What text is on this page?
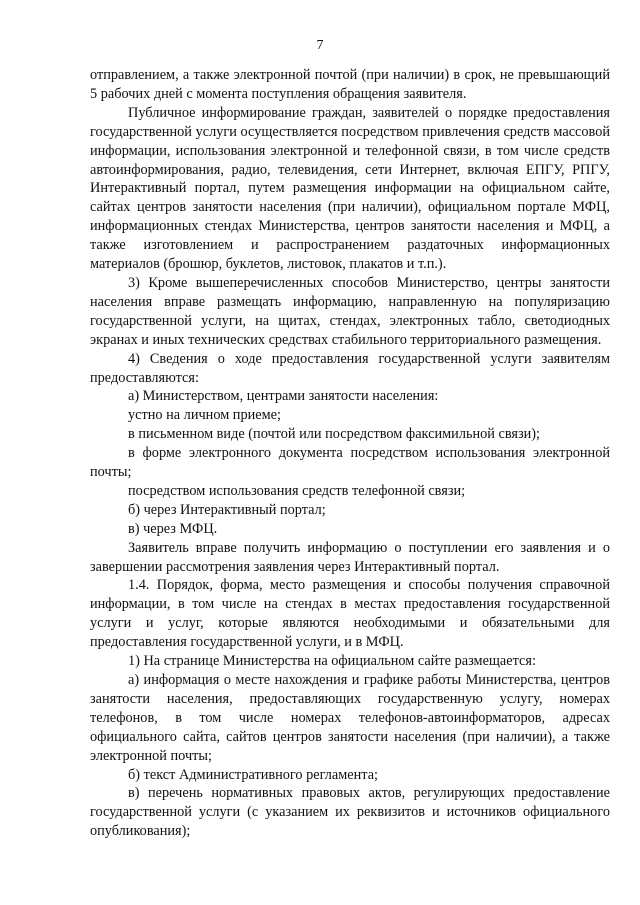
7

отправлением, а также электронной почтой (при наличии) в срок, не превышающий 5 рабочих дней с момента поступления обращения заявителя.

Публичное информирование граждан, заявителей о порядке предоставления государственной услуги осуществляется посредством привлечения средств массовой информации, использования электронной и телефонной связи, в том числе средств автоинформирования, радио, телевидения, сети Интернет, включая ЕПГУ, РПГУ, Интерактивный портал, путем размещения информации на официальном сайте, сайтах центров занятости населения (при наличии), официальном портале МФЦ, информационных стендах Министерства, центров занятости населения и МФЦ, а также изготовлением и распространением раздаточных информационных материалов (брошюр, буклетов, листовок, плакатов и т.п.).

3) Кроме вышеперечисленных способов Министерство, центры занятости населения вправе размещать информацию, направленную на популяризацию государственной услуги, на щитах, стендах, электронных табло, светодиодных экранах и иных технических средствах стабильного территориального размещения.

4) Сведения о ходе предоставления государственной услуги заявителям предоставляются:

а) Министерством, центрами занятости населения:

устно на личном приеме;

в письменном виде (почтой или посредством факсимильной связи);

в форме электронного документа посредством использования электронной почты;

посредством использования средств телефонной связи;

б) через Интерактивный портал;

в) через МФЦ.

Заявитель вправе получить информацию о поступлении его заявления и о завершении рассмотрения заявления через Интерактивный портал.

1.4. Порядок, форма, место размещения и способы получения справочной информации, в том числе на стендах в местах предоставления государственной услуги и услуг, которые являются необходимыми и обязательными для предоставления государственной услуги, и в МФЦ.

1) На странице Министерства на официальном сайте размещается:

а) информация о месте нахождения и графике работы Министерства, центров занятости населения, предоставляющих государственную услугу, номерах телефонов, в том числе номерах телефонов-автоинформаторов, адресах официального сайта, сайтов центров занятости населения (при наличии), а также электронной почты;

б) текст Административного регламента;

в) перечень нормативных правовых актов, регулирующих предоставление государственной услуги (с указанием их реквизитов и источников официального опубликования);
